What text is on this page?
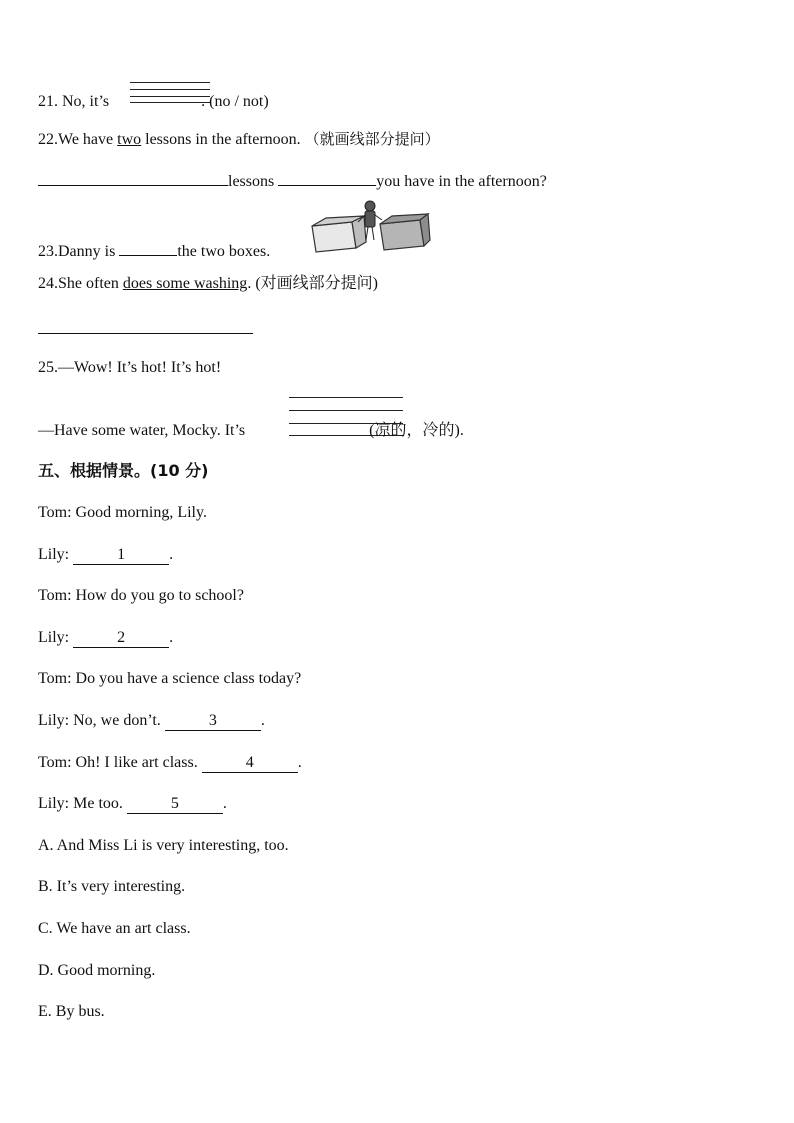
21. No, it’s	. (no / not)
22.We have two lessons in the afternoon. （就画线部分提问）
lessons	you have in the afternoon?
23.Danny is	the two boxes.
24.She often does some washing. (对画线部分提问)
25.—Wow! It’s hot! It’s hot!
—Have some water, Mocky. It’s	(凉的，冷的).
五、根据情景。(10 分)
Tom: Good morning, Lily.
Lily:	1	.
Tom: How do you go to school?
Lily:	2	.
Tom: Do you have a science class today?
Lily: No, we don’t.	3	.
Tom: Oh! I like art class.	4	.
Lily: Me too.	5	.
A. And Miss Li is very interesting, too.
B. It’s very interesting.
C. We have an art class.
D. Good morning.
E. By bus.
